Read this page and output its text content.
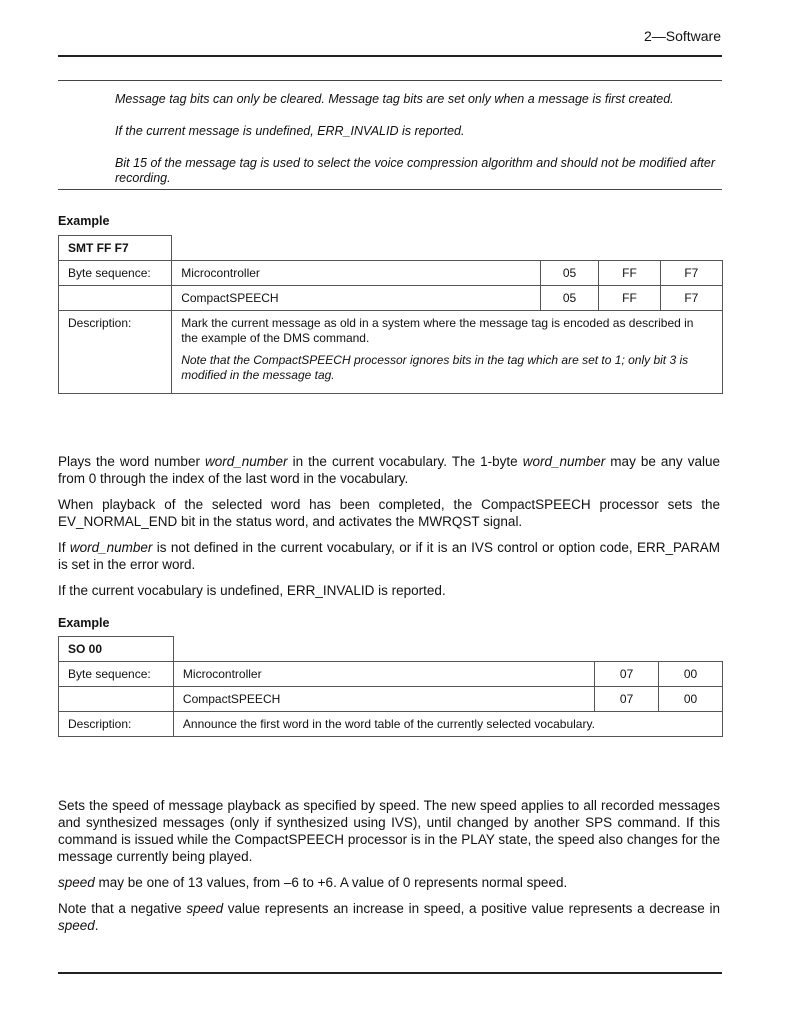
2—Software
Message tag bits can only be cleared. Message tag bits are set only when a message is first created.
If the current message is undefined, ERR_INVALID is reported.
Bit 15 of the message tag is used to select the voice compression algorithm and should not be modified after recording.
Example
SMT FF F7				
Byte sequence:	Microcontroller	05	FF	F7
	CompactSPEECH	05	FF	F7
Description:	Mark the current message as old in a system where the message tag is encoded as described in the example of the DMS command.

Note that the CompactSPEECH processor ignores bits in the tag which are set to 1; only bit 3 is modified in the message tag.			

Plays the word number word_number in the current vocabulary. The 1-byte word_number may be any value from 0 through the index of the last word in the vocabulary.

When playback of the selected word has been completed, the CompactSPEECH processor sets the EV_NORMAL_END bit in the status word, and activates the MWRQST signal.

If word_number is not defined in the current vocabulary, or if it is an IVS control or option code, ERR_PARAM is set in the error word.

If the current vocabulary is undefined, ERR_INVALID is reported.

Example
SO 00			
Byte sequence:	Microcontroller	07	00
	CompactSPEECH	07	00
Description:	Announce the first word in the word table of the currently selected vocabulary.		

Sets the speed of message playback as specified by speed. The new speed applies to all recorded messages and synthesized messages (only if synthesized using IVS), until changed by another SPS command. If this command is issued while the CompactSPEECH processor is in the PLAY state, the speed also changes for the message currently being played.

speed may be one of 13 values, from –6 to +6. A value of 0 represents normal speed.

Note that a negative speed value represents an increase in speed, a positive value represents a decrease in speed.
